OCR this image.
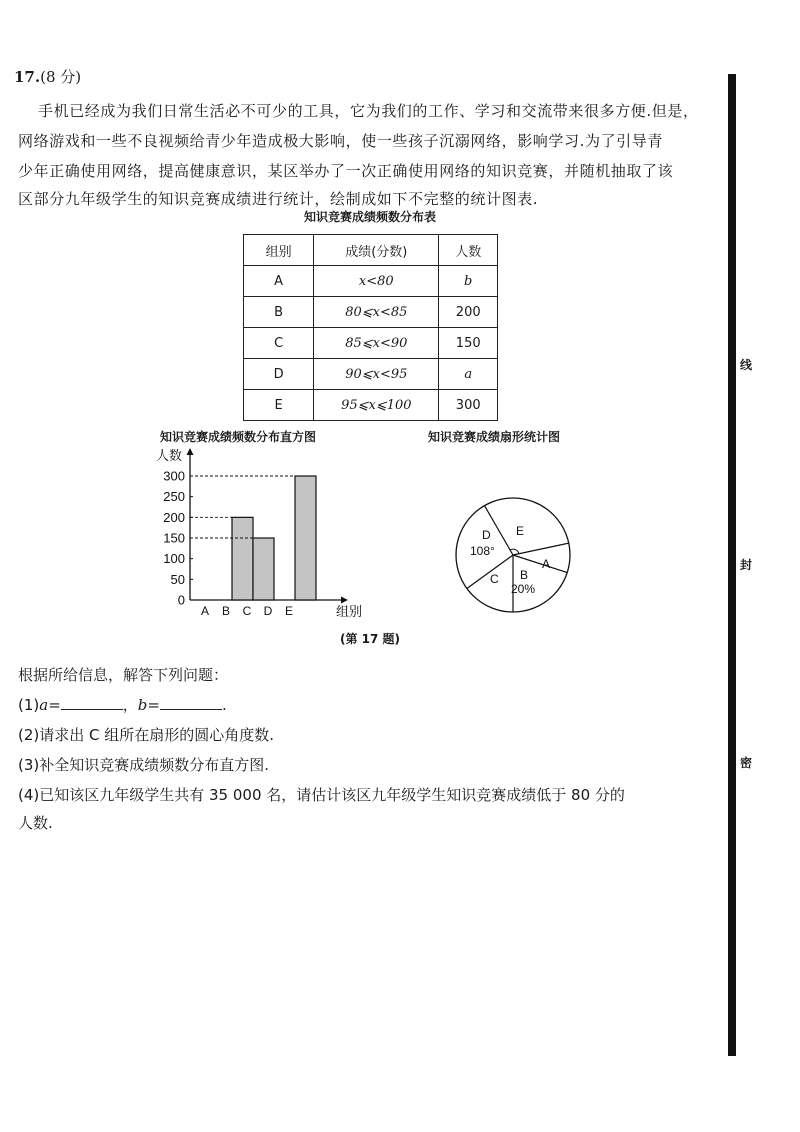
17.(8 分)
手机已经成为我们日常生活必不可少的工具，它为我们的工作、学习和交流带来很多方便.但是，
网络游戏和一些不良视频给青少年造成极大影响，使一些孩子沉溺网络，影响学习.为了引导青
少年正确使用网络，提高健康意识，某区举办了一次正确使用网络的知识竞赛，并随机抽取了该
区部分九年级学生的知识竞赛成绩进行统计，绘制成如下不完整的统计图表.
知识竞赛成绩频数分布表
组别	成绩(分数)	人数
A	x<80	b
B	80⩽x<85	200
C	85⩽x<90	150
D	90⩽x<95	a
E	95⩽x⩽100	300
知识竞赛成绩频数分布直方图
人数
0
50
100
150
200
250
300
A B C D E	组别
知识竞赛成绩扇形统计图
D
108°
E
A
B
20%
C
(第 17 题)
根据所给信息，解答下列问题：
(1)a=	，b=	.
(2)请求出 C 组所在扇形的圆心角度数.
(3)补全知识竞赛成绩频数分布直方图.
(4)已知该区九年级学生共有 35 000 名，请估计该区九年级学生知识竞赛成绩低于 80 分的
人数.
线
封
密
